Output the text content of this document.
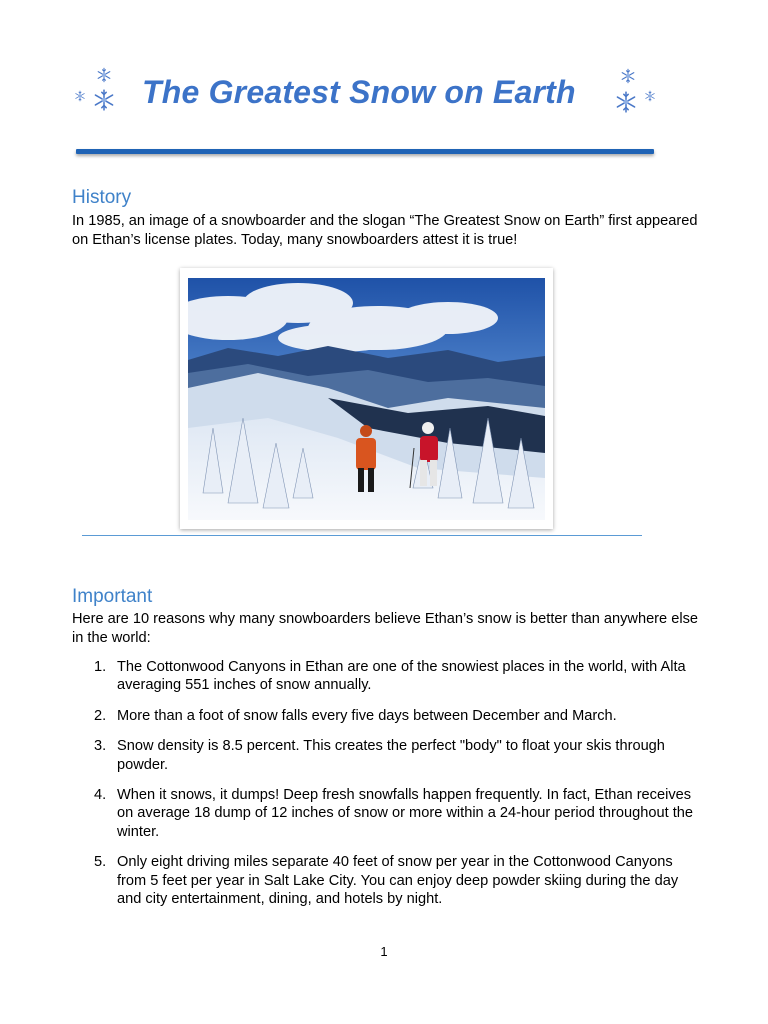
The Greatest Snow on Earth
History

In 1985, an image of a snowboarder and the slogan “The Greatest Snow on Earth” first appeared on Ethan’s license plates. Today, many snowboarders attest it is true!

Important

Here are 10 reasons why many snowboarders believe Ethan’s snow is better than anywhere else in the world:

1. The Cottonwood Canyons in Ethan are one of the snowiest places in the world, with Alta averaging 551 inches of snow annually.
2. More than a foot of snow falls every five days between December and March.
3. Snow density is 8.5 percent. This creates the perfect "body" to float your skis through powder.
4. When it snows, it dumps! Deep fresh snowfalls happen frequently. In fact, Ethan receives on average 18 dump of 12 inches of snow or more within a 24-hour period throughout the winter.
5. Only eight driving miles separate 40 feet of snow per year in the Cottonwood Canyons from 5 feet per year in Salt Lake City. You can enjoy deep powder skiing during the day and city entertainment, dining, and hotels by night.
1
